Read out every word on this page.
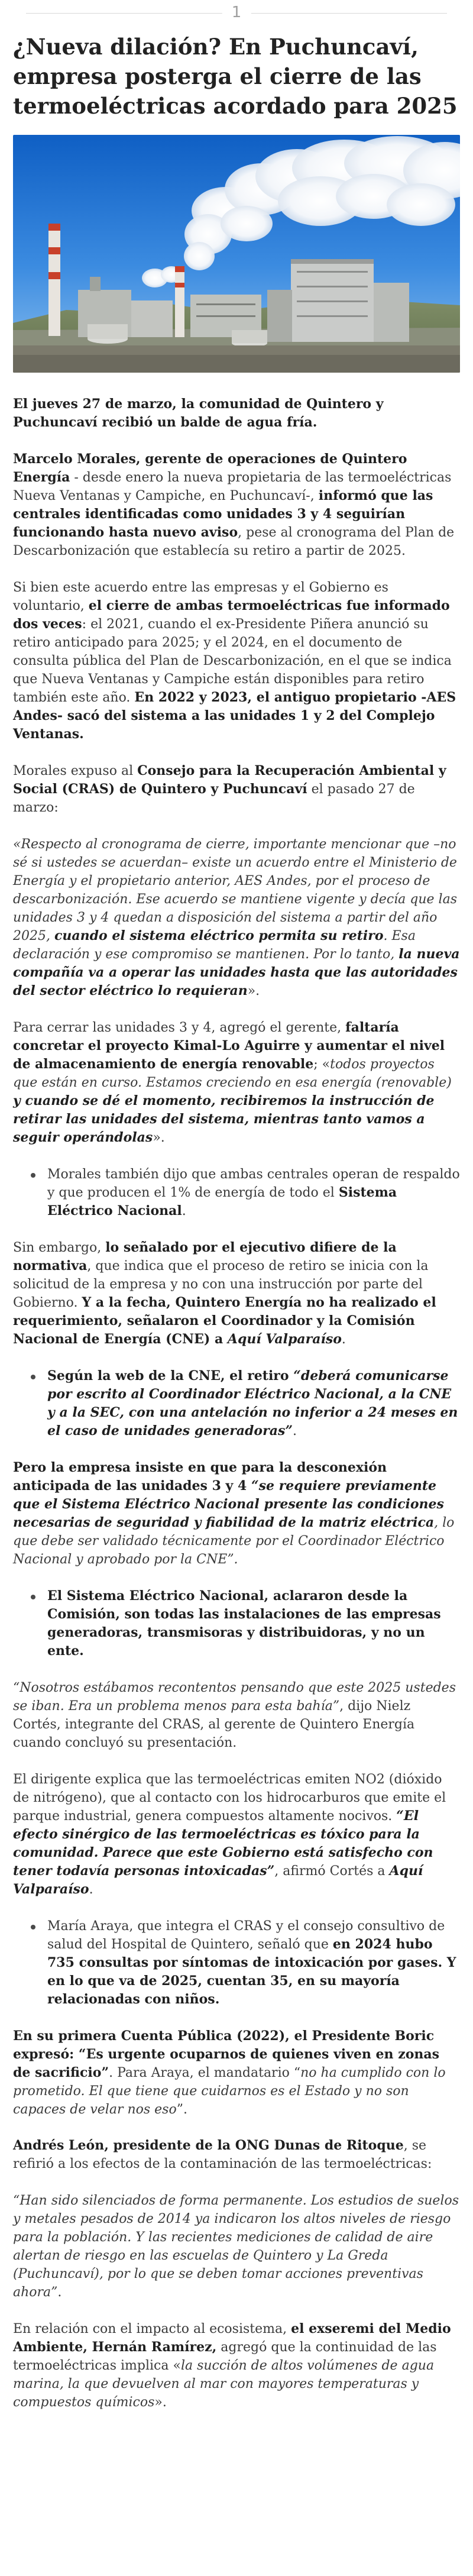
1
¿Nueva dilación? En Puchuncaví, empresa posterga el cierre de las termoeléctricas acordado para 2025

El jueves 27 de marzo, la comunidad de Quintero y Puchuncaví recibió un balde de agua fría.

Marcelo Morales, gerente de operaciones de Quintero Energía - desde enero la nueva propietaria de las termoeléctricas Nueva Ventanas y Campiche, en Puchuncaví-, informó que las centrales identificadas como unidades 3 y 4 seguirían funcionando hasta nuevo aviso, pese al cronograma del Plan de Descarbonización que establecía su retiro a partir de 2025.

Si bien este acuerdo entre las empresas y el Gobierno es voluntario, el cierre de ambas termoeléctricas fue informado dos veces: el 2021, cuando el ex-Presidente Piñera anunció su retiro anticipado para 2025; y el 2024, en el documento de consulta pública del Plan de Descarbonización, en el que se indica que Nueva Ventanas y Campiche están disponibles para retiro también este año. En 2022 y 2023, el antiguo propietario -AES Andes- sacó del sistema a las unidades 1 y 2 del Complejo Ventanas.

Morales expuso al Consejo para la Recuperación Ambiental y Social (CRAS) de Quintero y Puchuncaví el pasado 27 de marzo:

«Respecto al cronograma de cierre, importante mencionar que –no sé si ustedes se acuerdan– existe un acuerdo entre el Ministerio de Energía y el propietario anterior, AES Andes, por el proceso de descarbonización. Ese acuerdo se mantiene vigente y decía que las unidades 3 y 4 quedan a disposición del sistema a partir del año 2025, cuando el sistema eléctrico permita su retiro. Esa declaración y ese compromiso se mantienen. Por lo tanto, la nueva compañía va a operar las unidades hasta que las autoridades del sector eléctrico lo requieran».

Para cerrar las unidades 3 y 4, agregó el gerente, faltaría concretar el proyecto Kimal-Lo Aguirre y aumentar el nivel de almacenamiento de energía renovable; «todos proyectos que están en curso. Estamos creciendo en esa energía (renovable) y cuando se dé el momento, recibiremos la instrucción de retirar las unidades del sistema, mientras tanto vamos a seguir operándolas».

Morales también dijo que ambas centrales operan de respaldo y que producen el 1% de energía de todo el Sistema Eléctrico Nacional.

Sin embargo, lo señalado por el ejecutivo difiere de la normativa, que indica que el proceso de retiro se inicia con la solicitud de la empresa y no con una instrucción por parte del Gobierno. Y a la fecha, Quintero Energía no ha realizado el requerimiento, señalaron el Coordinador y la Comisión Nacional de Energía (CNE) a Aquí Valparaíso.

Según la web de la CNE, el retiro “deberá comunicarse por escrito al Coordinador Eléctrico Nacional, a la CNE y a la SEC, con una antelación no inferior a 24 meses en el caso de unidades generadoras”.

Pero la empresa insiste en que para la desconexión anticipada de las unidades 3 y 4 “se requiere previamente que el Sistema Eléctrico Nacional presente las condiciones necesarias de seguridad y fiabilidad de la matriz eléctrica, lo que debe ser validado técnicamente por el Coordinador Eléctrico Nacional y aprobado por la CNE”.

El Sistema Eléctrico Nacional, aclararon desde la Comisión, son todas las instalaciones de las empresas generadoras, transmisoras y distribuidoras, y no un ente.

“Nosotros estábamos recontentos pensando que este 2025 ustedes se iban. Era un problema menos para esta bahía”, dijo Nielz Cortés, integrante del CRAS, al gerente de Quintero Energía cuando concluyó su presentación.

El dirigente explica que las termoeléctricas emiten NO2 (dióxido de nitrógeno), que al contacto con los hidrocarburos que emite el parque industrial, genera compuestos altamente nocivos. “El efecto sinérgico de las termoeléctricas es tóxico para la comunidad. Parece que este Gobierno está satisfecho con tener todavía personas intoxicadas”, afirmó Cortés a Aquí Valparaíso.

María Araya, que integra el CRAS y el consejo consultivo de salud del Hospital de Quintero, señaló que en 2024 hubo 735 consultas por síntomas de intoxicación por gases. Y en lo que va de 2025, cuentan 35, en su mayoría relacionadas con niños.

En su primera Cuenta Pública (2022), el Presidente Boric expresó: “Es urgente ocuparnos de quienes viven en zonas de sacrificio”. Para Araya, el mandatario “no ha cumplido con lo prometido. El que tiene que cuidarnos es el Estado y no son capaces de velar nos eso”.

Andrés León, presidente de la ONG Dunas de Ritoque, se refirió a los efectos de la contaminación de las termoeléctricas:

“Han sido silenciados de forma permanente. Los estudios de suelos y metales pesados de 2014 ya indicaron los altos niveles de riesgo para la población. Y las recientes mediciones de calidad de aire alertan de riesgo en las escuelas de Quintero y La Greda (Puchuncaví), por lo que se deben tomar acciones preventivas ahora”.

En relación con el impacto al ecosistema, el exseremi del Medio Ambiente, Hernán Ramírez, agregó que la continuidad de las termoeléctricas implica «la succión de altos volúmenes de agua marina, la que devuelven al mar con mayores temperaturas y compuestos químicos».
